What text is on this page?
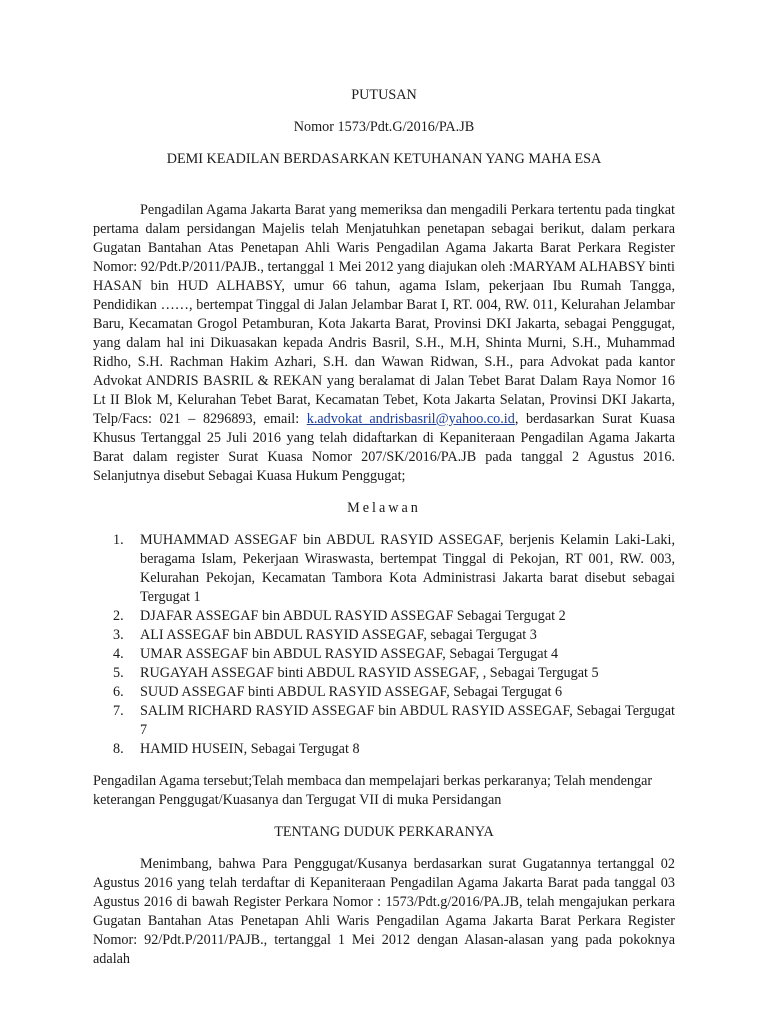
PUTUSAN

Nomor 1573/Pdt.G/2016/PA.JB

DEMI KEADILAN BERDASARKAN KETUHANAN YANG MAHA ESA

Pengadilan Agama Jakarta Barat yang memeriksa dan mengadili Perkara tertentu pada tingkat pertama dalam persidangan Majelis telah Menjatuhkan penetapan sebagai berikut, dalam perkara Gugatan Bantahan Atas Penetapan Ahli Waris Pengadilan Agama Jakarta Barat Perkara Register Nomor: 92/Pdt.P/2011/PAJB., tertanggal 1 Mei 2012 yang diajukan oleh :MARYAM ALHABSY binti HASAN bin HUD ALHABSY, umur 66 tahun, agama Islam, pekerjaan Ibu Rumah Tangga, Pendidikan ……, bertempat Tinggal di Jalan Jelambar Barat I, RT. 004, RW. 011, Kelurahan Jelambar Baru, Kecamatan Grogol Petamburan, Kota Jakarta Barat, Provinsi DKI Jakarta, sebagai Penggugat, yang dalam hal ini Dikuasakan kepada Andris Basril, S.H., M.H, Shinta Murni, S.H., Muhammad Ridho, S.H. Rachman Hakim Azhari, S.H. dan Wawan Ridwan, S.H., para Advokat pada kantor Advokat ANDRIS BASRIL & REKAN yang beralamat di Jalan Tebet Barat Dalam Raya Nomor 16 Lt II Blok M, Kelurahan Tebet Barat, Kecamatan Tebet, Kota Jakarta Selatan, Provinsi DKI Jakarta, Telp/Facs: 021 – 8296893, email: k.advokat_andrisbasril@yahoo.co.id, berdasarkan Surat Kuasa Khusus Tertanggal 25 Juli 2016 yang telah didaftarkan di Kepaniteraan Pengadilan Agama Jakarta Barat dalam register Surat Kuasa Nomor 207/SK/2016/PA.JB pada tanggal 2 Agustus 2016. Selanjutnya disebut Sebagai Kuasa Hukum Penggugat;

Melawan

1. MUHAMMAD ASSEGAF bin ABDUL RASYID ASSEGAF, berjenis Kelamin Laki-Laki, beragama Islam, Pekerjaan Wiraswasta, bertempat Tinggal di Pekojan, RT 001, RW. 003, Kelurahan Pekojan, Kecamatan Tambora Kota Administrasi Jakarta barat disebut sebagai Tergugat 1
2. DJAFAR ASSEGAF bin ABDUL RASYID ASSEGAF Sebagai Tergugat 2
3. ALI ASSEGAF bin ABDUL RASYID ASSEGAF, sebagai Tergugat 3
4. UMAR ASSEGAF bin ABDUL RASYID ASSEGAF, Sebagai Tergugat 4
5. RUGAYAH ASSEGAF binti ABDUL RASYID ASSEGAF, , Sebagai Tergugat 5
6. SUUD ASSEGAF binti ABDUL RASYID ASSEGAF, Sebagai Tergugat 6
7. SALIM RICHARD RASYID ASSEGAF bin ABDUL RASYID ASSEGAF, Sebagai Tergugat 7
8. HAMID HUSEIN, Sebagai Tergugat 8

Pengadilan Agama tersebut;Telah membaca dan mempelajari berkas perkaranya; Telah mendengar keterangan Penggugat/Kuasanya dan Tergugat VII di muka Persidangan

TENTANG DUDUK PERKARANYA

Menimbang, bahwa Para Penggugat/Kusanya berdasarkan surat Gugatannya tertanggal 02 Agustus 2016 yang telah terdaftar di Kepaniteraan Pengadilan Agama Jakarta Barat pada tanggal 03 Agustus 2016 di bawah Register Perkara Nomor : 1573/Pdt.g/2016/PA.JB, telah mengajukan perkara Gugatan Bantahan Atas Penetapan Ahli Waris Pengadilan Agama Jakarta Barat Perkara Register Nomor: 92/Pdt.P/2011/PAJB., tertanggal 1 Mei 2012 dengan Alasan-alasan yang pada pokoknya adalah
